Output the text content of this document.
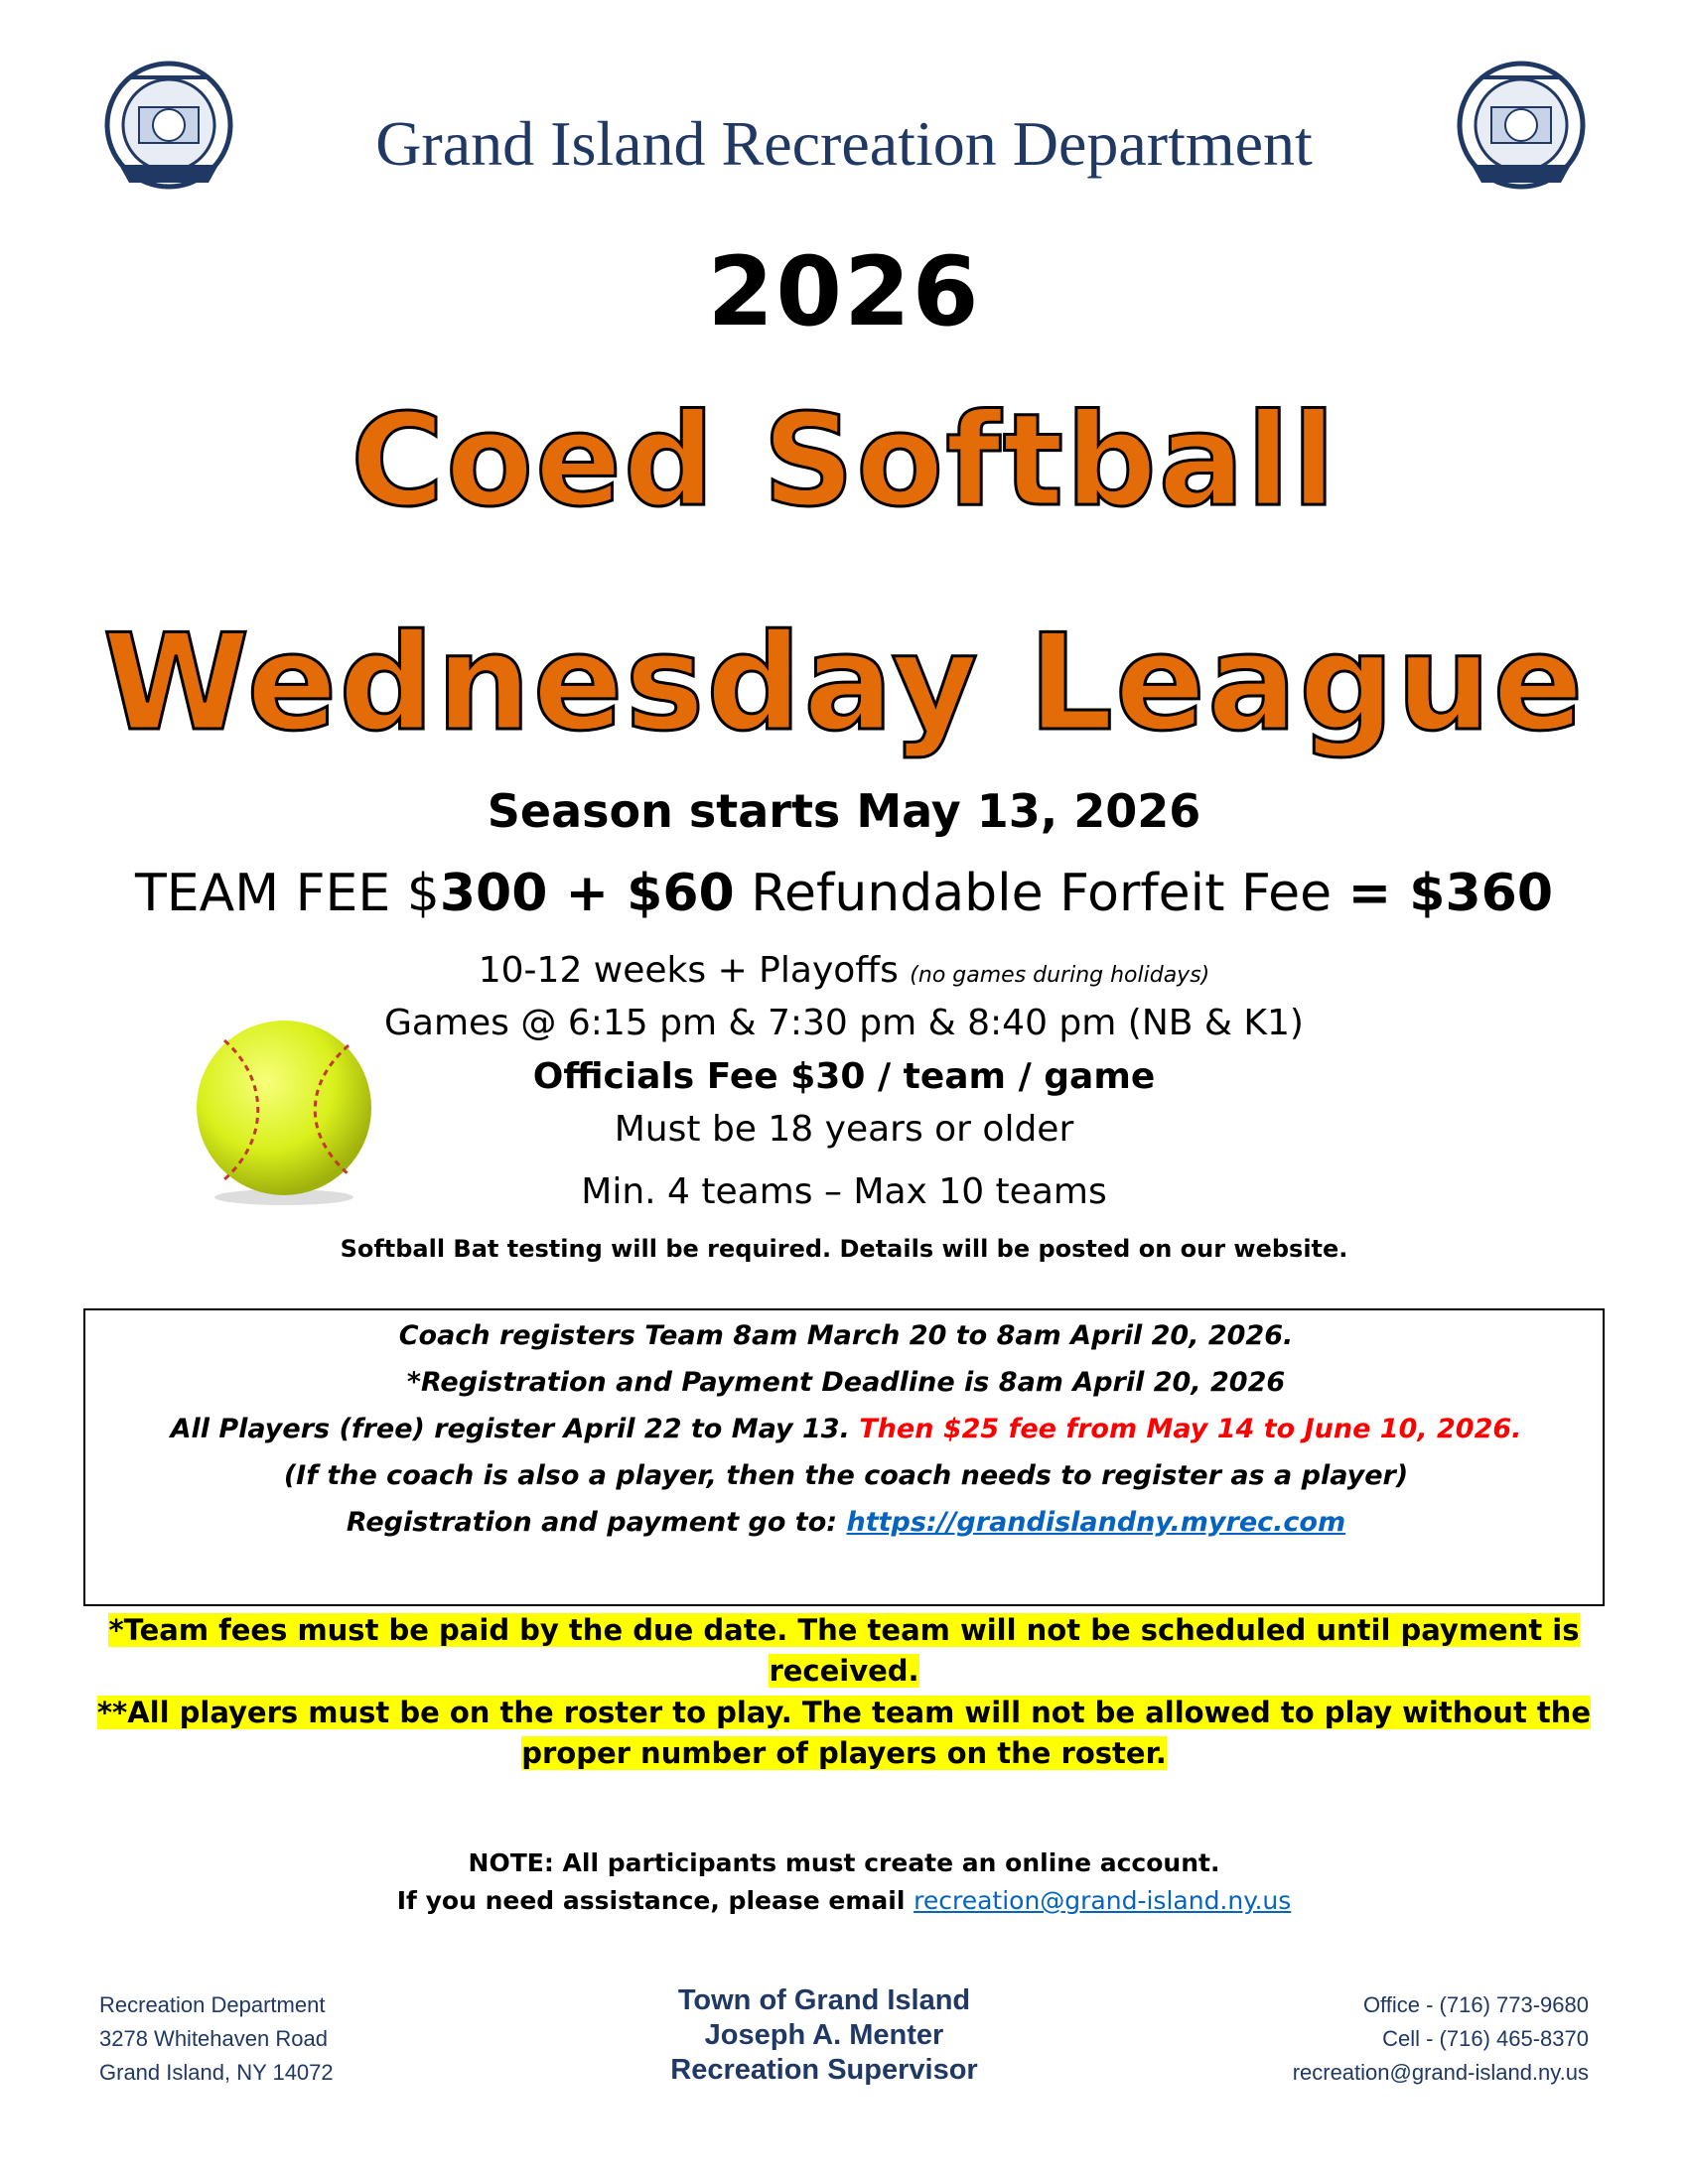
Grand Island Recreation Department
2026
Coed Softball
Wednesday League
Season starts May 13, 2026
TEAM FEE $300 + $60 Refundable Forfeit Fee = $360
10-12 weeks + Playoffs (no games during holidays)
Games @ 6:15 pm & 7:30 pm & 8:40 pm (NB & K1)
Officials Fee $30 / team / game
Must be 18 years or older
Min. 4 teams – Max 10 teams
Softball Bat testing will be required. Details will be posted on our website.
Coach registers Team 8am March 20 to 8am April 20, 2026.
*Registration and Payment Deadline is 8am April 20, 2026
All Players (free) register April 22 to May 13. Then $25 fee from May 14 to June 10, 2026.
(If the coach is also a player, then the coach needs to register as a player)
Registration and payment go to: https://grandislandny.myrec.com
*Team fees must be paid by the due date. The team will not be scheduled until payment is
received.
**All players must be on the roster to play. The team will not be allowed to play without the
proper number of players on the roster.
NOTE: All participants must create an online account.
If you need assistance, please email recreation@grand-island.ny.us
Recreation Department
3278 Whitehaven Road
Grand Island, NY 14072
Town of Grand Island
Joseph A. Menter
Recreation Supervisor
Office - (716) 773-9680
Cell - (716) 465-8370
recreation@grand-island.ny.us
